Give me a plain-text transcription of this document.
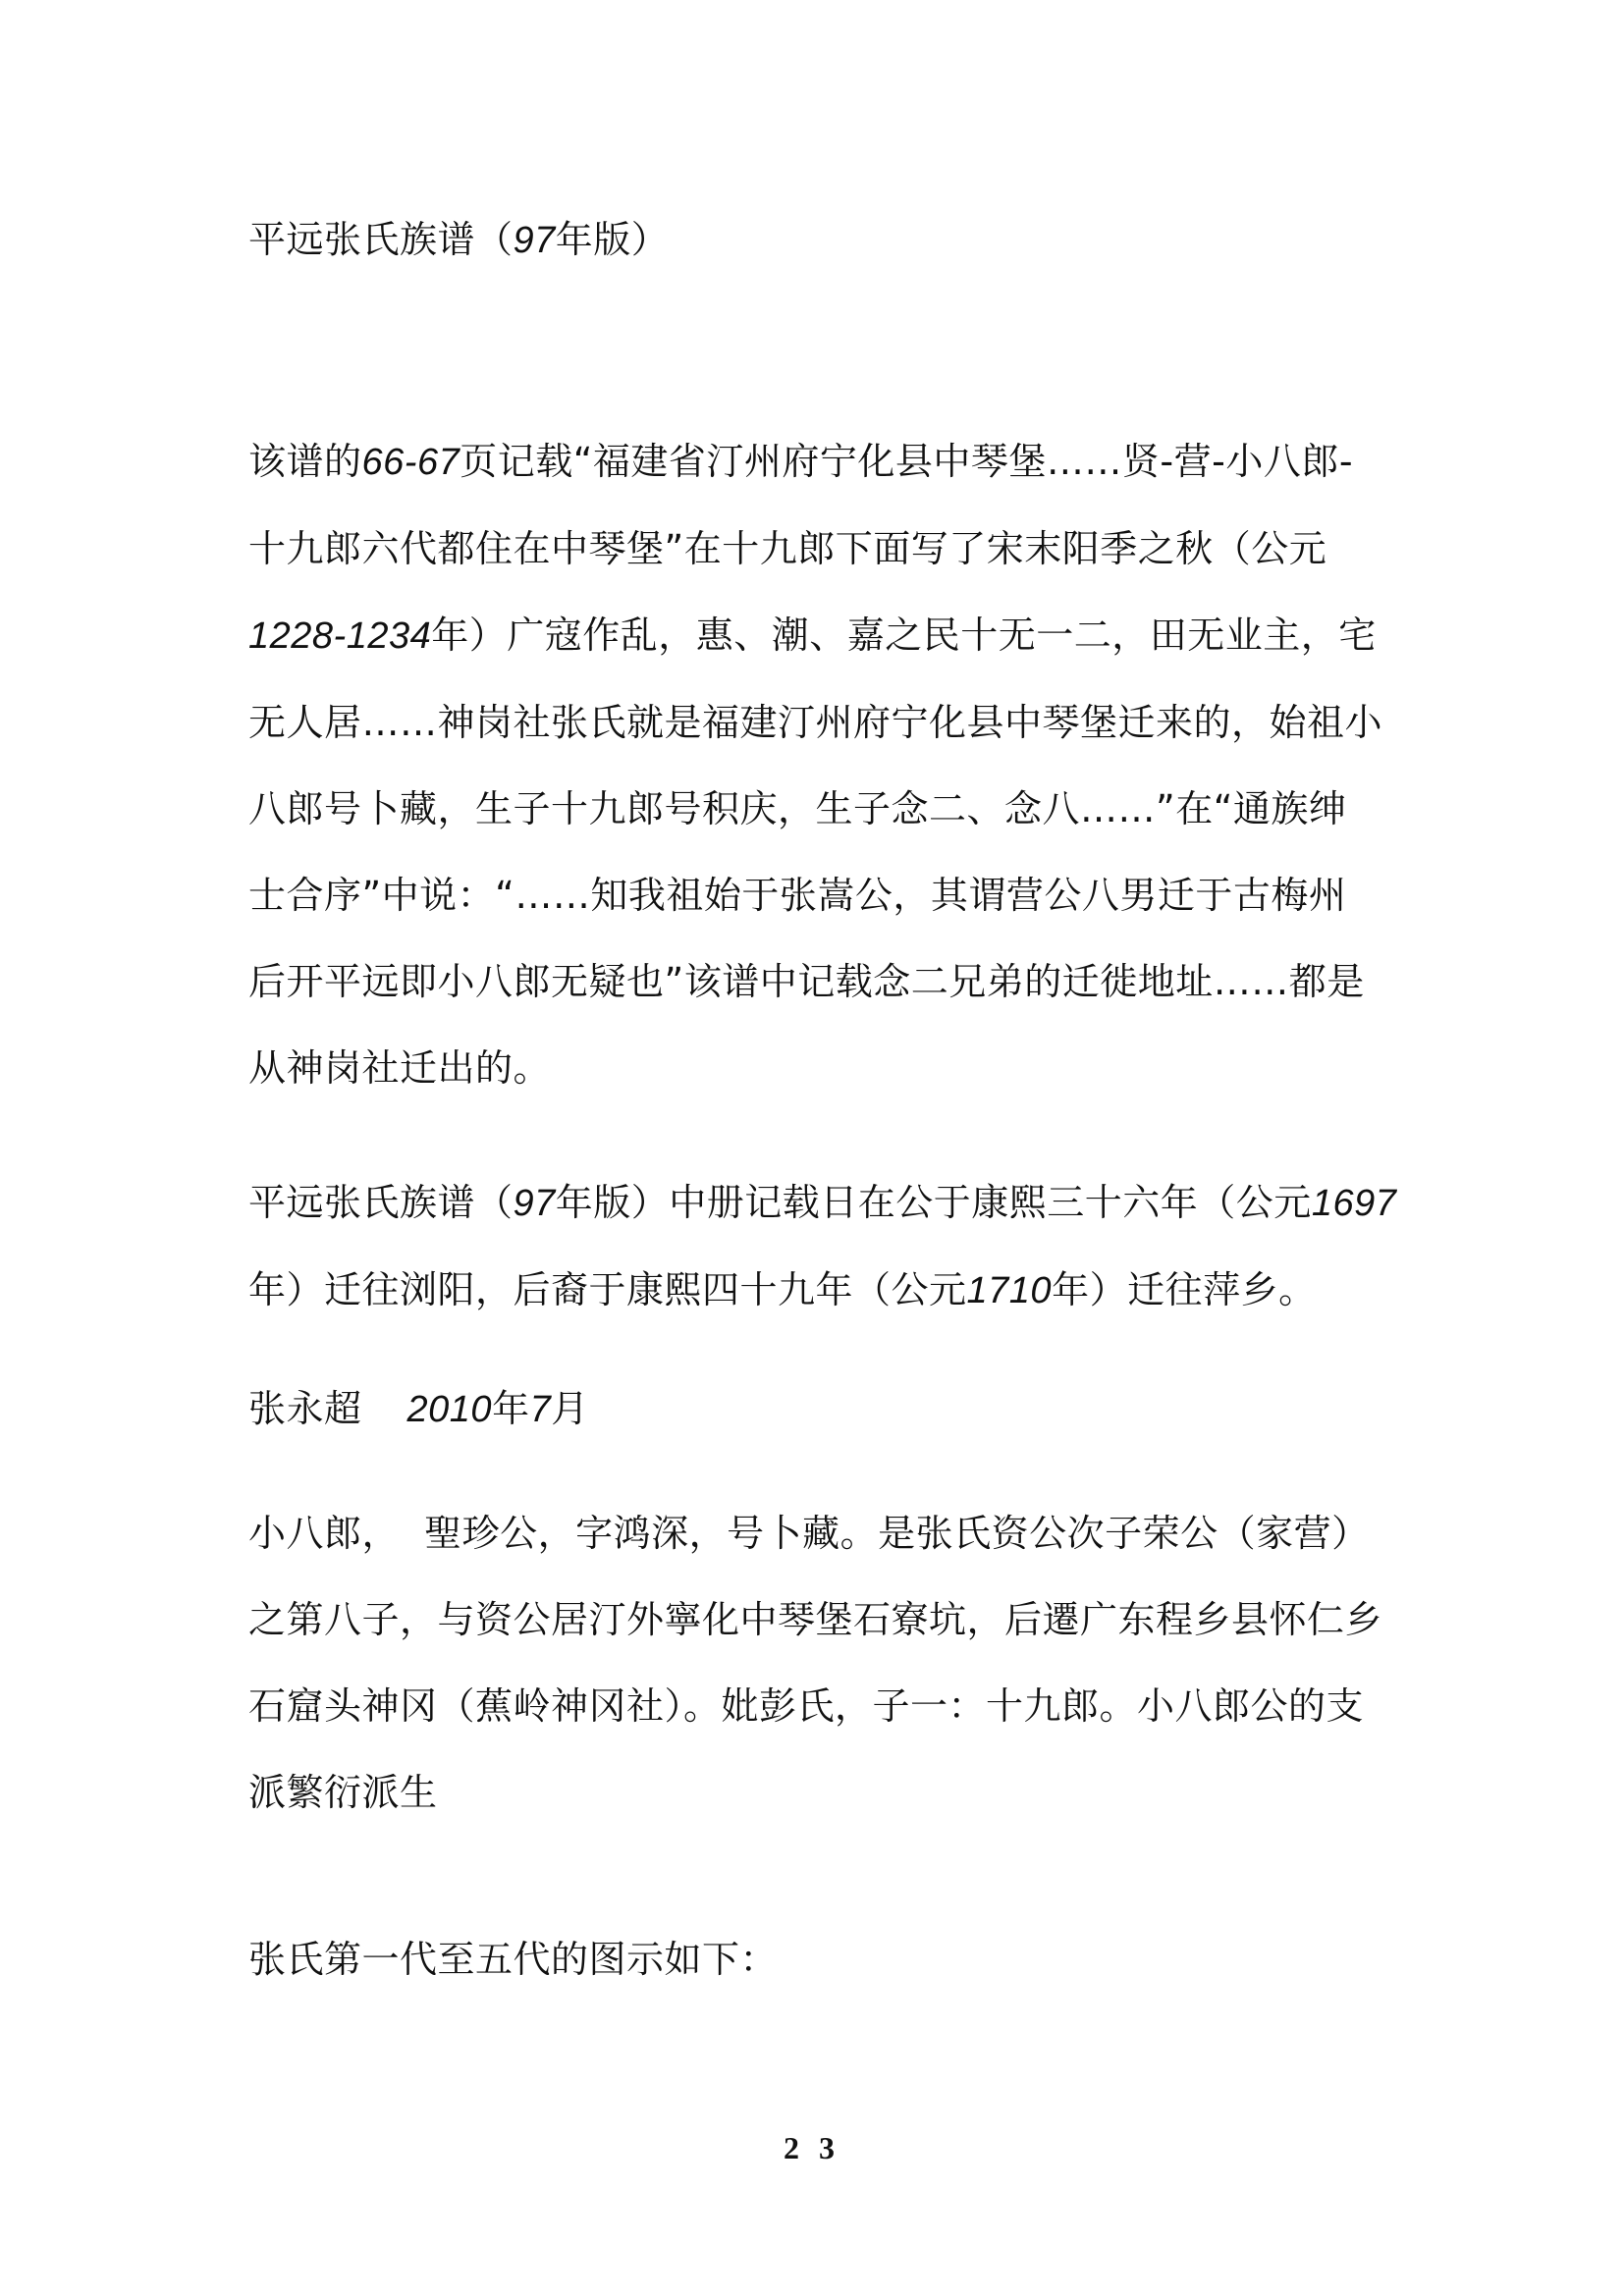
平远张氏族谱（97年版）

该谱的66-67页记载“福建省汀州府宁化县中琴堡……贤-营-小八郎-
十九郎六代都住在中琴堡”在十九郎下面写了宋末阳季之秋（公元
1228-1234年）广寇作乱，惠、潮、嘉之民十无一二，田无业主，宅
无人居……神岗社张氏就是福建汀州府宁化县中琴堡迁来的，始祖小
八郎号卜藏，生子十九郎号积庆，生子念二、念八……”在“通族绅
士合序”中说：“……知我祖始于张嵩公，其谓营公八男迁于古梅州
后开平远即小八郎无疑也”该谱中记载念二兄弟的迁徙地址……都是
从神岗社迁出的。

平远张氏族谱（97年版）中册记载日在公于康熙三十六年（公元1697
年）迁往浏阳，后裔于康熙四十九年（公元1710年）迁往萍乡。

张永超 2010年7月

小八郎，  聖珍公，字鸿深，号卜藏。是张氏资公次子荣公（家营）
之第八子，与资公居汀外寧化中琴堡石寮坑，后遷广东程乡县怀仁乡
石窟头神冈（蕉岭神冈社）。妣彭氏，子一：十九郎。小八郎公的支
派繁衍派生

张氏第一代至五代的图示如下：

2 3
